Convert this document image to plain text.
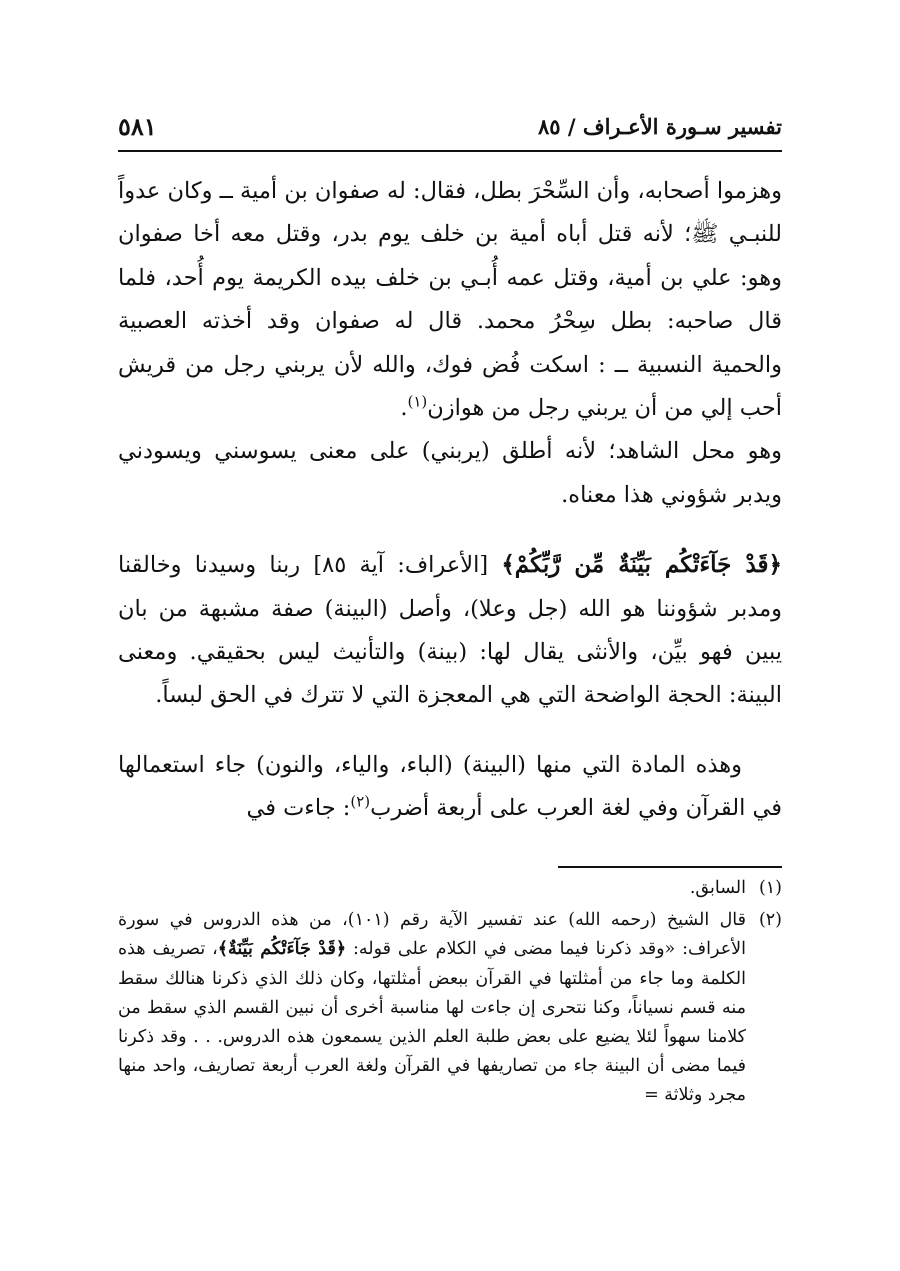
تفسير سـورة الأعـراف / ٨٥
٥٨١

وهزموا أصحابه، وأن السِّحْرَ بطل، فقال: له صفوان بن أمية ــ وكان عدواً للنبـي ﷺ؛ لأنه قتل أباه أمية بن خلف يوم بدر، وقتل معه أخا صفوان وهو: علي بن أمية، وقتل عمه أُبـي بن خلف بيده الكريمة يوم أُحد، فلما قال صاحبه: بطل سِحْرُ محمد. قال له صفوان وقد أخذته العصبية والحمية النسبية ــ : اسكت فُض فوك، والله لأن يربني رجل من قريش أحب إلي من أن يربني رجل من هوازن$^{(١)}$.

وهو محل الشاهد؛ لأنه أطلق (يربني) على معنى يسوسني ويسودني ويدبر شؤوني هذا معناه.

﴿قَدْ جَآءَتْكُم بَيِّنَةٌ مِّن رَّبِّكُمْ﴾ [الأعراف: آية ٨٥] ربنا وسيدنا وخالقنا ومدبر شؤوننا هو الله (جل وعلا)، وأصل (البينة) صفة مشبهة من بان يبين فهو بيِّن، والأنثى يقال لها: (بينة) والتأنيث ليس بحقيقي. ومعنى البينة: الحجة الواضحة التي هي المعجزة التي لا تترك في الحق لبساً.

وهذه المادة التي منها (البينة) (الباء، والياء، والنون) جاء استعمالها في القرآن وفي لغة العرب على أربعة أضرب$^{(٢)}$: جاءت في

(١)
السابق.
(٢)
قال الشيخ (رحمه الله) عند تفسير الآية رقم (١٠١)، من هذه الدروس في سورة الأعراف: «وقد ذكرنا فيما مضى في الكلام على قوله: ﴿قَدْ جَآءَتْكُم بَيِّنَةٌ﴾، تصريف هذه الكلمة وما جاء من أمثلتها في القرآن ببعض أمثلتها، وكان ذلك الذي ذكرنا هنالك سقط منه قسم نسياناً، وكنا نتحرى إن جاءت لها مناسبة أخرى أن نبين القسم الذي سقط من كلامنا سهواً لئلا يضيع على بعض طلبة العلم الذين يسمعون هذه الدروس. . . وقد ذكرنا فيما مضى أن البينة جاء من تصاريفها في القرآن ولغة العرب أربعة تصاريف، واحد منها مجرد وثلاثة =
